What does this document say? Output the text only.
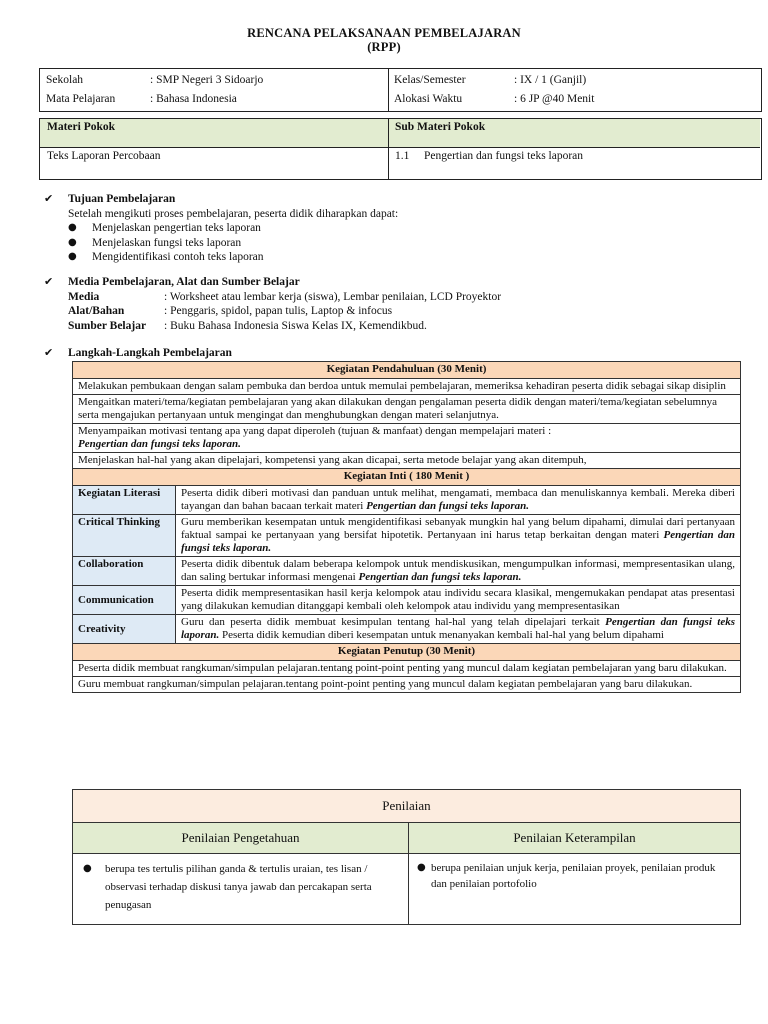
RENCANA PELAKSANAAN PEMBELAJARAN
(RPP)
Sekolah	: SMP Negeri 3 Sidoarjo	Kelas/Semester	: IX / 1 (Ganjil)
Mata Pelajaran	: Bahasa Indonesia	Alokasi Waktu	: 6 JP @40 Menit
Materi Pokok	Sub Materi Pokok
Teks Laporan Percobaan	1.1 Pengertian dan fungsi teks laporan
✔ Tujuan Pembelajaran
Setelah mengikuti proses pembelajaran, peserta didik diharapkan dapat:
● Menjelaskan pengertian teks laporan
● Menjelaskan fungsi teks laporan
● Mengidentifikasi contoh teks laporan
✔ Media Pembelajaran, Alat dan Sumber Belajar
Media	: Worksheet atau lembar kerja (siswa), Lembar penilaian, LCD Proyektor
Alat/Bahan	: Penggaris, spidol, papan tulis, Laptop & infocus
Sumber Belajar	: Buku Bahasa Indonesia Siswa Kelas IX, Kemendikbud.
✔ Langkah-Langkah Pembelajaran
Kegiatan Pendahuluan (30 Menit)	
Melakukan pembukaan dengan salam pembuka dan berdoa untuk memulai pembelajaran, memeriksa kehadiran peserta didik sebagai sikap disiplin	
Mengaitkan materi/tema/kegiatan pembelajaran yang akan dilakukan dengan pengalaman peserta didik dengan materi/tema/kegiatan sebelumnya serta mengajukan pertanyaan untuk mengingat dan menghubungkan dengan materi selanjutnya.	
Menyampaikan motivasi tentang apa yang dapat diperoleh (tujuan & manfaat) dengan mempelajari materi :
Pengertian dan fungsi teks laporan.	
Menjelaskan hal-hal yang akan dipelajari, kompetensi yang akan dicapai, serta metode belajar yang akan ditempuh,	
Kegiatan Inti ( 180 Menit )	
Kegiatan Literasi	Peserta didik diberi motivasi dan panduan untuk melihat, mengamati, membaca dan menuliskannya kembali. Mereka diberi tayangan dan bahan bacaan terkait materi Pengertian dan fungsi teks laporan.
Critical Thinking	Guru memberikan kesempatan untuk mengidentifikasi sebanyak mungkin hal yang belum dipahami, dimulai dari pertanyaan faktual sampai ke pertanyaan yang bersifat hipotetik. Pertanyaan ini harus tetap berkaitan dengan materi Pengertian dan fungsi teks laporan.
Collaboration	Peserta didik dibentuk dalam beberapa kelompok untuk mendiskusikan, mengumpulkan informasi, mempresentasikan ulang, dan saling bertukar informasi mengenai Pengertian dan fungsi teks laporan.
Communication	Peserta didik mempresentasikan hasil kerja kelompok atau individu secara klasikal, mengemukakan pendapat atas presentasi yang dilakukan kemudian ditanggapi kembali oleh kelompok atau individu yang mempresentasikan
Creativity	Guru dan peserta didik membuat kesimpulan tentang hal-hal yang telah dipelajari terkait Pengertian dan fungsi teks laporan. Peserta didik kemudian diberi kesempatan untuk menanyakan kembali hal-hal yang belum dipahami
Kegiatan Penutup (30 Menit)	
Peserta didik membuat rangkuman/simpulan pelajaran.tentang point-point penting yang muncul dalam kegiatan pembelajaran yang baru dilakukan.	
Guru membuat rangkuman/simpulan pelajaran.tentang point-point penting yang muncul dalam kegiatan pembelajaran yang baru dilakukan.	
Penilaian	
Penilaian Pengetahuan	Penilaian Keterampilan

● berupa tes tertulis pilihan ganda & tertulis uraian, tes lisan / observasi terhadap diskusi tanya jawab dan percakapan serta penugasan	● berupa penilaian unjuk kerja, penilaian proyek, penilaian produk dan penilaian portofolio
